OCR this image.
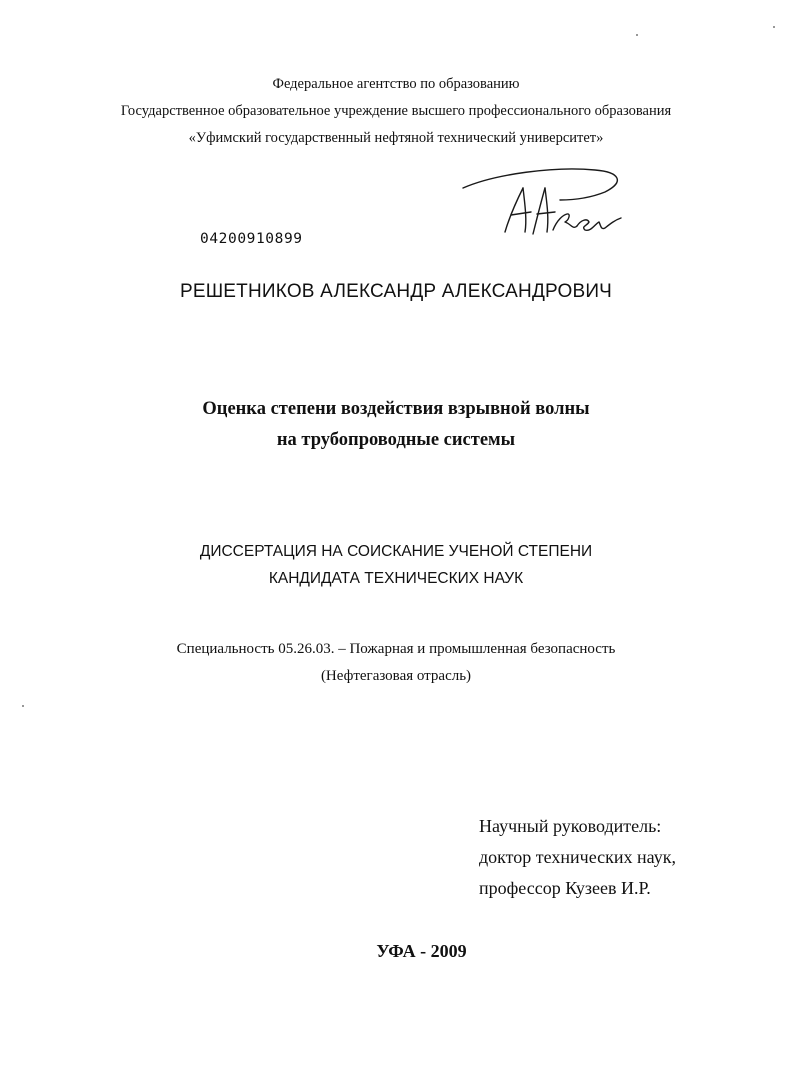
Федеральное агентство по образованию
Государственное образовательное учреждение высшего профессионального образования
«Уфимский государственный нефтяной технический университет»
04200910899
РЕШЕТНИКОВ АЛЕКСАНДР АЛЕКСАНДРОВИЧ
Оценка степени воздействия взрывной волны
на трубопроводные системы
ДИССЕРТАЦИЯ НА СОИСКАНИЕ УЧЕНОЙ СТЕПЕНИ
КАНДИДАТА ТЕХНИЧЕСКИХ НАУК
Специальность 05.26.03. – Пожарная и промышленная безопасность
(Нефтегазовая отрасль)
Научный руководитель:
доктор технических наук,
профессор Кузеев И.Р.
УФА - 2009
